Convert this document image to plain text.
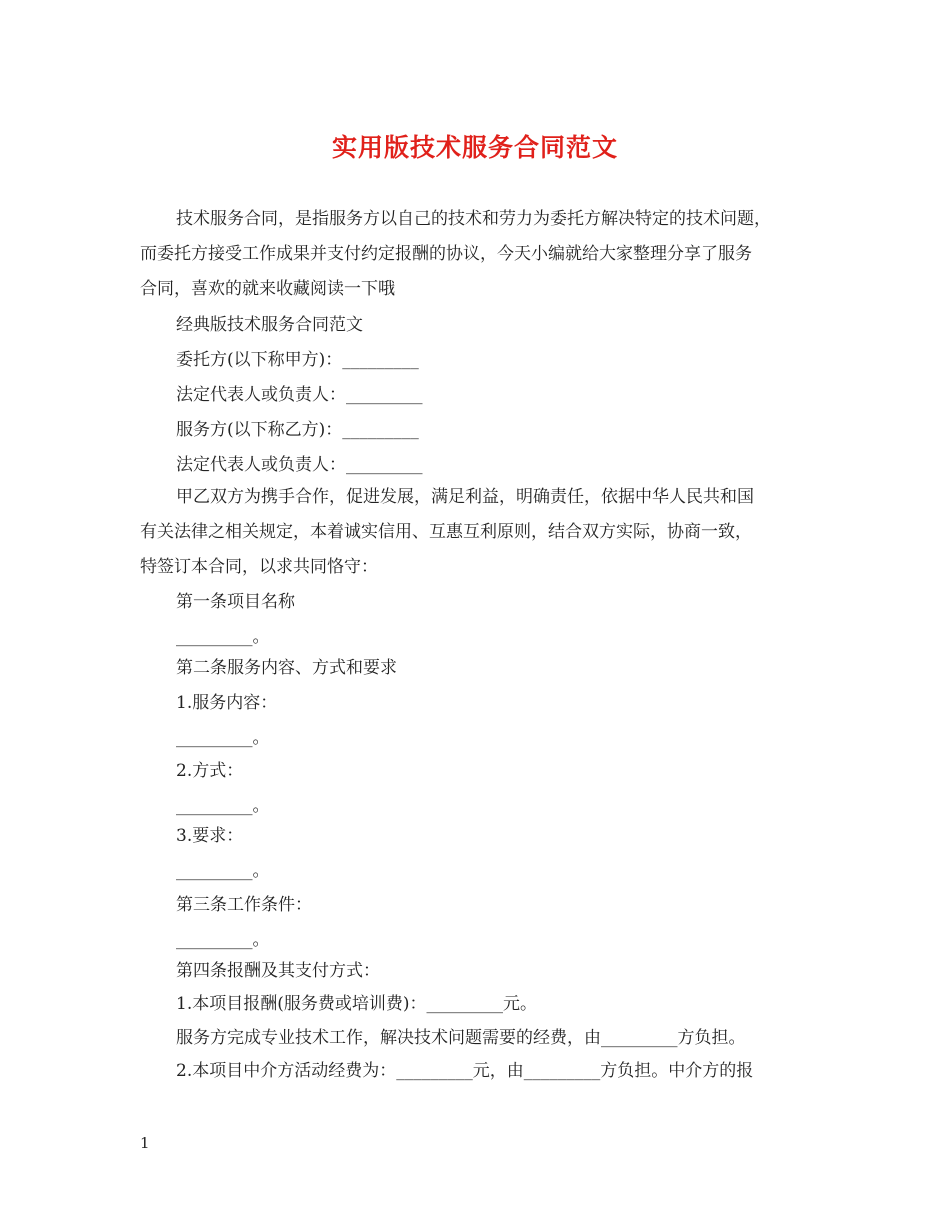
实用版技术服务合同范文
技术服务合同，是指服务方以自己的技术和劳力为委托方解决特定的技术问题，
而委托方接受工作成果并支付约定报酬的协议，今天小编就给大家整理分享了服务
合同，喜欢的就来收藏阅读一下哦
经典版技术服务合同范文
委托方(以下称甲方)：_________
法定代表人或负责人：_________
服务方(以下称乙方)：_________
法定代表人或负责人：_________
甲乙双方为携手合作，促进发展，满足利益，明确责任，依据中华人民共和国
有关法律之相关规定，本着诚实信用、互惠互利原则，结合双方实际，协商一致，
特签订本合同，以求共同恪守：
第一条项目名称
_________。
第二条服务内容、方式和要求
1.服务内容：
_________。
2.方式：
_________。
3.要求：
_________。
第三条工作条件：
_________。
第四条报酬及其支付方式：
1.本项目报酬(服务费或培训费)：_________元。
服务方完成专业技术工作，解决技术问题需要的经费，由_________方负担。
2.本项目中介方活动经费为：_________元，由_________方负担。中介方的报
1
